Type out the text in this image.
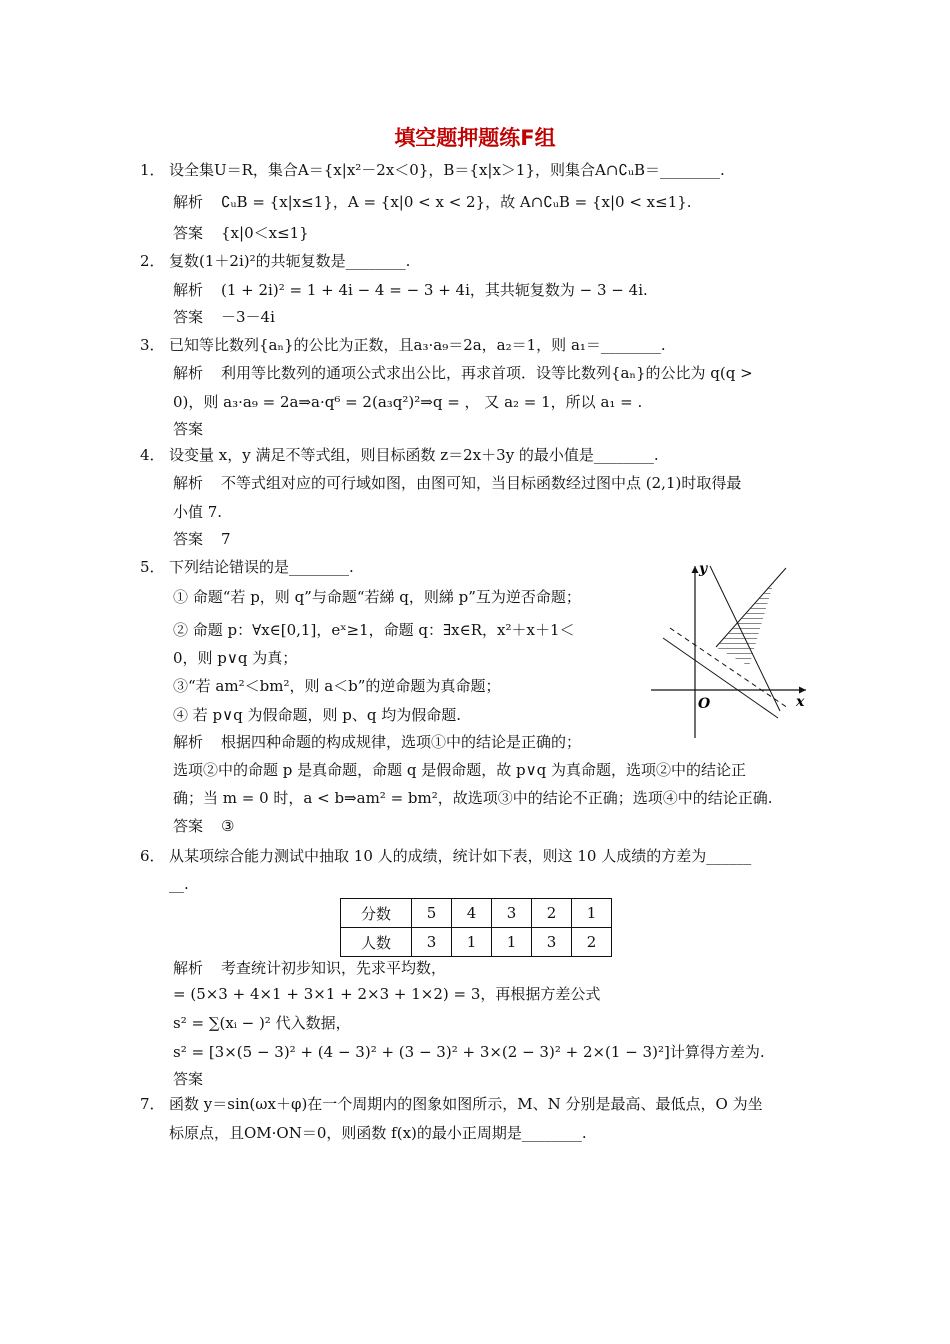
填空题押题练F组
1． 设全集U＝R，集合A＝{x|x²－2x＜0}，B＝{x|x＞1}，则集合A∩∁ᵤB＝________.
解析 ∁ᵤB = {x|x≤1}，A = {x|0 < x < 2}，故 A∩∁ᵤB = {x|0 < x≤1}.
答案 {x|0＜x≤1}
2． 复数(1＋2i)²的共轭复数是________.
解析 (1 + 2i)² = 1 + 4i − 4 = − 3 + 4i，其共轭复数为 − 3 − 4i.
答案 －3－4i
3． 已知等比数列{aₙ}的公比为正数，且a₃·a₉＝2a，a₂＝1，则 a₁＝________.
解析 利用等比数列的通项公式求出公比，再求首项．设等比数列{aₙ}的公比为 q(q >
0)，则 a₃·a₉ = 2a⇒a·q⁶ = 2(a₃q²)²⇒q = ， 又 a₂ = 1，所以 a₁ = .
答案
4． 设变量 x，y 满足不等式组，则目标函数 z＝2x＋3y 的最小值是________.
解析 不等式组对应的可行域如图，由图可知，当目标函数经过图中点 (2,1)时取得最
小值 7.
答案 7
5． 下列结论错误的是________.
① 命题“若 p，则 q”与命题“若綈 q，则綈 p”互为逆否命题；
② 命题 p：∀x∈[0,1]，eˣ≥1，命题 q：∃x∈R，x²＋x＋1＜
0，则 p∨q 为真；
③“若 am²＜bm²，则 a＜b”的逆命题为真命题；
④ 若 p∨q 为假命题，则 p、q 均为假命题.
解析 根据四种命题的构成规律，选项①中的结论是正确的；
选项②中的命题 p 是真命题，命题 q 是假命题，故 p∨q 为真命题，选项②中的结论正
确；当 m = 0 时，a < b⇒am² = bm²，故选项③中的结论不正确；选项④中的结论正确.
答案 ③
y
x
O
6． 从某项综合能力测试中抽取 10 人的成绩，统计如下表，则这 10 人成绩的方差为______
__.
分数	5	4	3	2	1
人数	3	1	1	3	2
解析 考查统计初步知识，先求平均数，
= (5×3 + 4×1 + 3×1 + 2×3 + 1×2) = 3，再根据方差公式
s² = ∑(xᵢ − )² 代入数据，
s² = [3×(5 − 3)² + (4 − 3)² + (3 − 3)² + 3×(2 − 3)² + 2×(1 − 3)²]计算得方差为.
答案
7． 函数 y＝sin(ωx＋φ)在一个周期内的图象如图所示，M、N 分别是最高、最低点，O 为坐
标原点，且OM·ON＝0，则函数 f(x)的最小正周期是________.
